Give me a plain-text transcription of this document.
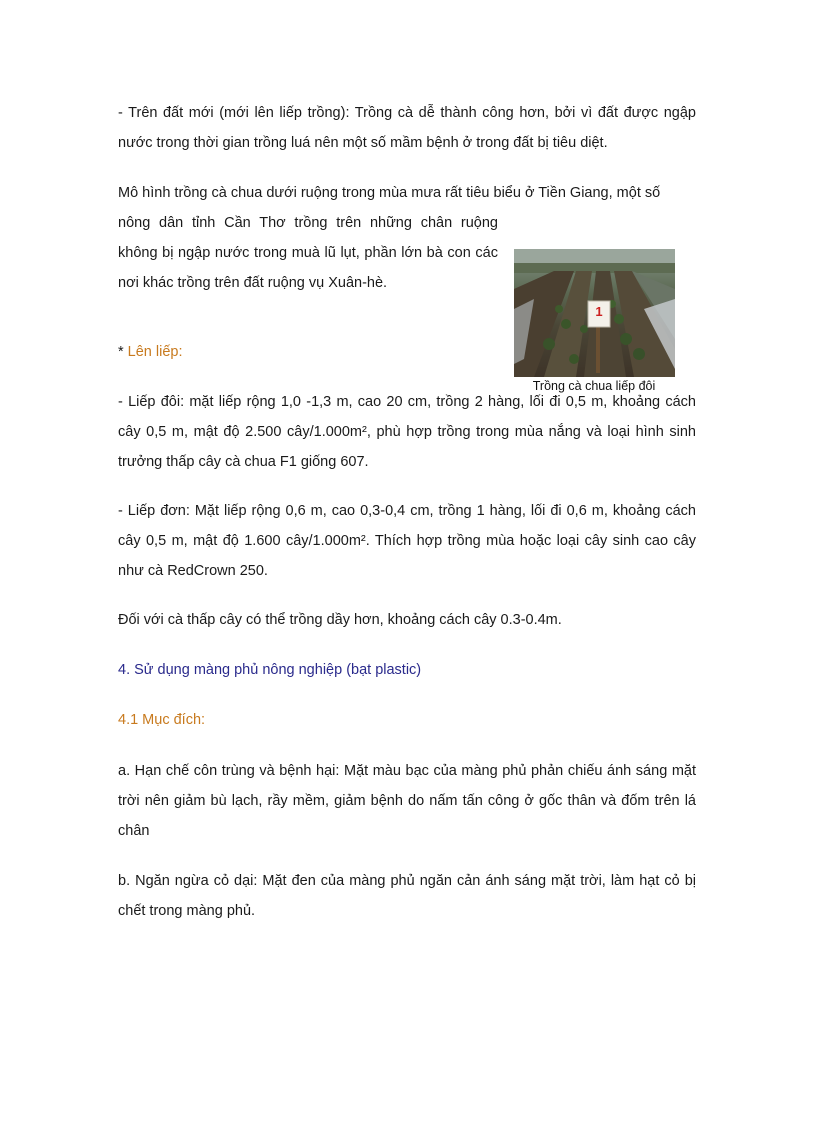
- Trên đất mới (mới lên liếp trồng): Trồng cà dễ thành công hơn, bởi vì đất được ngập nước trong thời gian trồng luá nên một số mầm bệnh ở trong đất bị tiêu diệt.

Mô hình trồng cà chua dưới ruộng trong mùa mưa rất tiêu biểu ở Tiền Giang, một số

nông dân tỉnh Cần Thơ trồng trên những chân ruộng không bị ngập nước trong muà lũ lụt, phần lớn bà con các nơi khác trồng trên đất ruộng vụ Xuân-hè.

* Lên liếp:

1
Trồng cà chua liếp đôi

- Liếp đôi: mặt liếp rộng 1,0 -1,3 m, cao 20 cm, trồng 2 hàng, lối đi 0,5 m, khoảng cách cây 0,5 m, mật độ 2.500 cây/1.000m², phù hợp trồng trong mùa nắng và loại hình sinh trưởng thấp cây cà chua F1 giống 607.

- Liếp đơn: Mặt liếp rộng 0,6 m, cao 0,3-0,4 cm, trồng 1 hàng, lối đi 0,6 m, khoảng cách cây 0,5 m, mật độ 1.600 cây/1.000m². Thích hợp trồng mùa hoặc loại cây sinh cao cây như cà RedCrown 250.

Đối với cà thấp cây có thể trồng dầy hơn, khoảng cách cây 0.3-0.4m.

4. Sử dụng màng phủ nông nghiệp (bạt plastic)

4.1 Mục đích:

a. Hạn chế côn trùng và bệnh hại: Mặt màu bạc của màng phủ phản chiếu ánh sáng mặt trời nên giảm bù lạch, rầy mềm, giảm bệnh do nấm tấn công ở gốc thân và đốm trên lá chân

b. Ngăn ngừa cỏ dại: Mặt đen của màng phủ ngăn cản ánh sáng mặt trời, làm hạt cỏ bị chết trong màng phủ.
